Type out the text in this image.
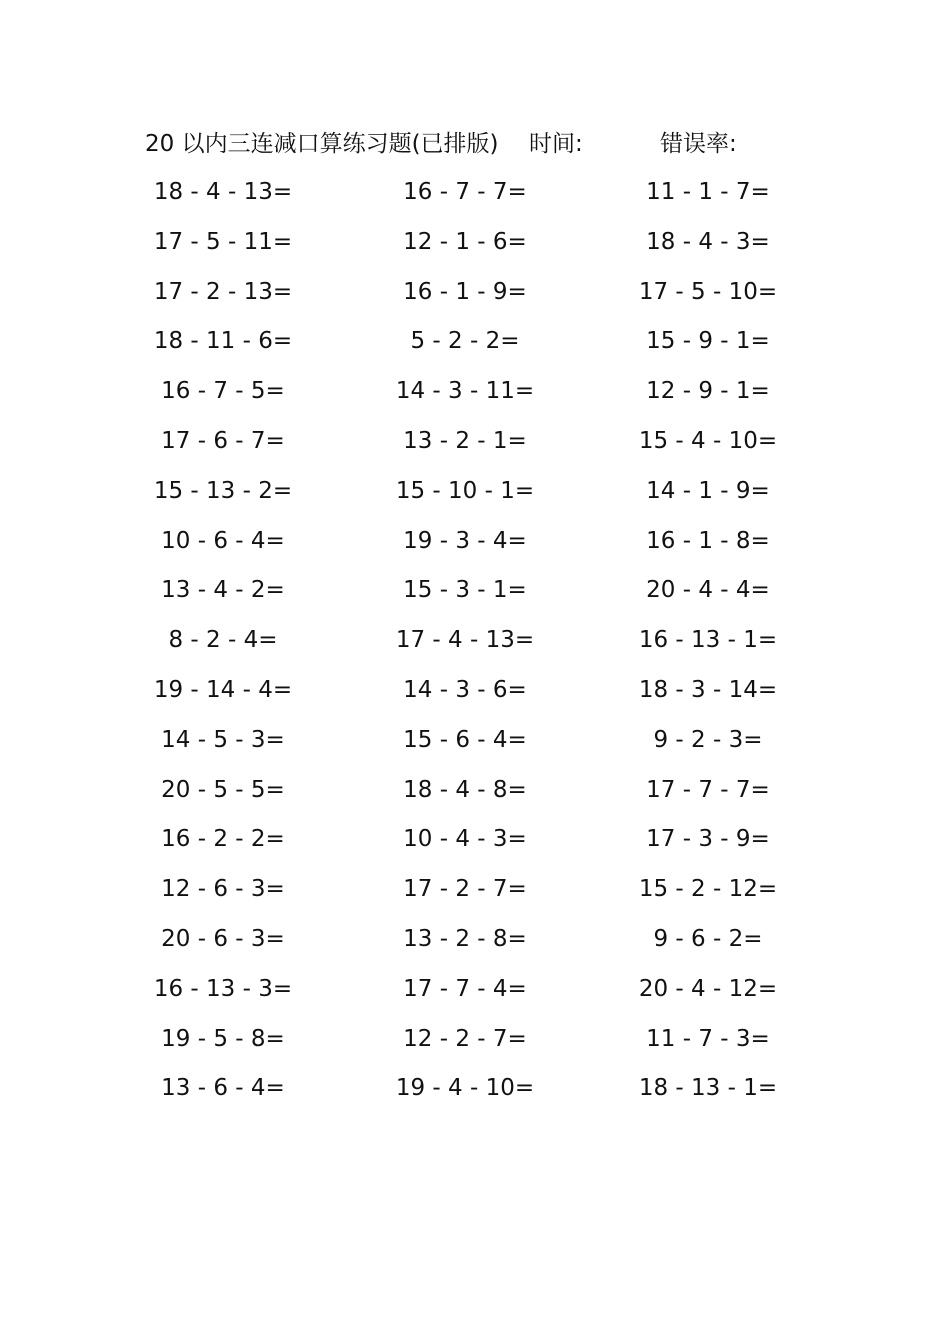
20 以内三连减口算练习题(已排版) 时间:	错误率:
18 - 4 - 13=	16 - 7 - 7=	11 - 1 - 7=
17 - 5 - 11=	12 - 1 - 6=	18 - 4 - 3=
17 - 2 - 13=	16 - 1 - 9=	17 - 5 - 10=
18 - 11 - 6=	5 - 2 - 2=	15 - 9 - 1=
16 - 7 - 5=	14 - 3 - 11=	12 - 9 - 1=
17 - 6 - 7=	13 - 2 - 1=	15 - 4 - 10=
15 - 13 - 2=	15 - 10 - 1=	14 - 1 - 9=
10 - 6 - 4=	19 - 3 - 4=	16 - 1 - 8=
13 - 4 - 2=	15 - 3 - 1=	20 - 4 - 4=
8 - 2 - 4=	17 - 4 - 13=	16 - 13 - 1=
19 - 14 - 4=	14 - 3 - 6=	18 - 3 - 14=
14 - 5 - 3=	15 - 6 - 4=	9 - 2 - 3=
20 - 5 - 5=	18 - 4 - 8=	17 - 7 - 7=
16 - 2 - 2=	10 - 4 - 3=	17 - 3 - 9=
12 - 6 - 3=	17 - 2 - 7=	15 - 2 - 12=
20 - 6 - 3=	13 - 2 - 8=	9 - 6 - 2=
16 - 13 - 3=	17 - 7 - 4=	20 - 4 - 12=
19 - 5 - 8=	12 - 2 - 7=	11 - 7 - 3=
13 - 6 - 4=	19 - 4 - 10=	18 - 13 - 1=
